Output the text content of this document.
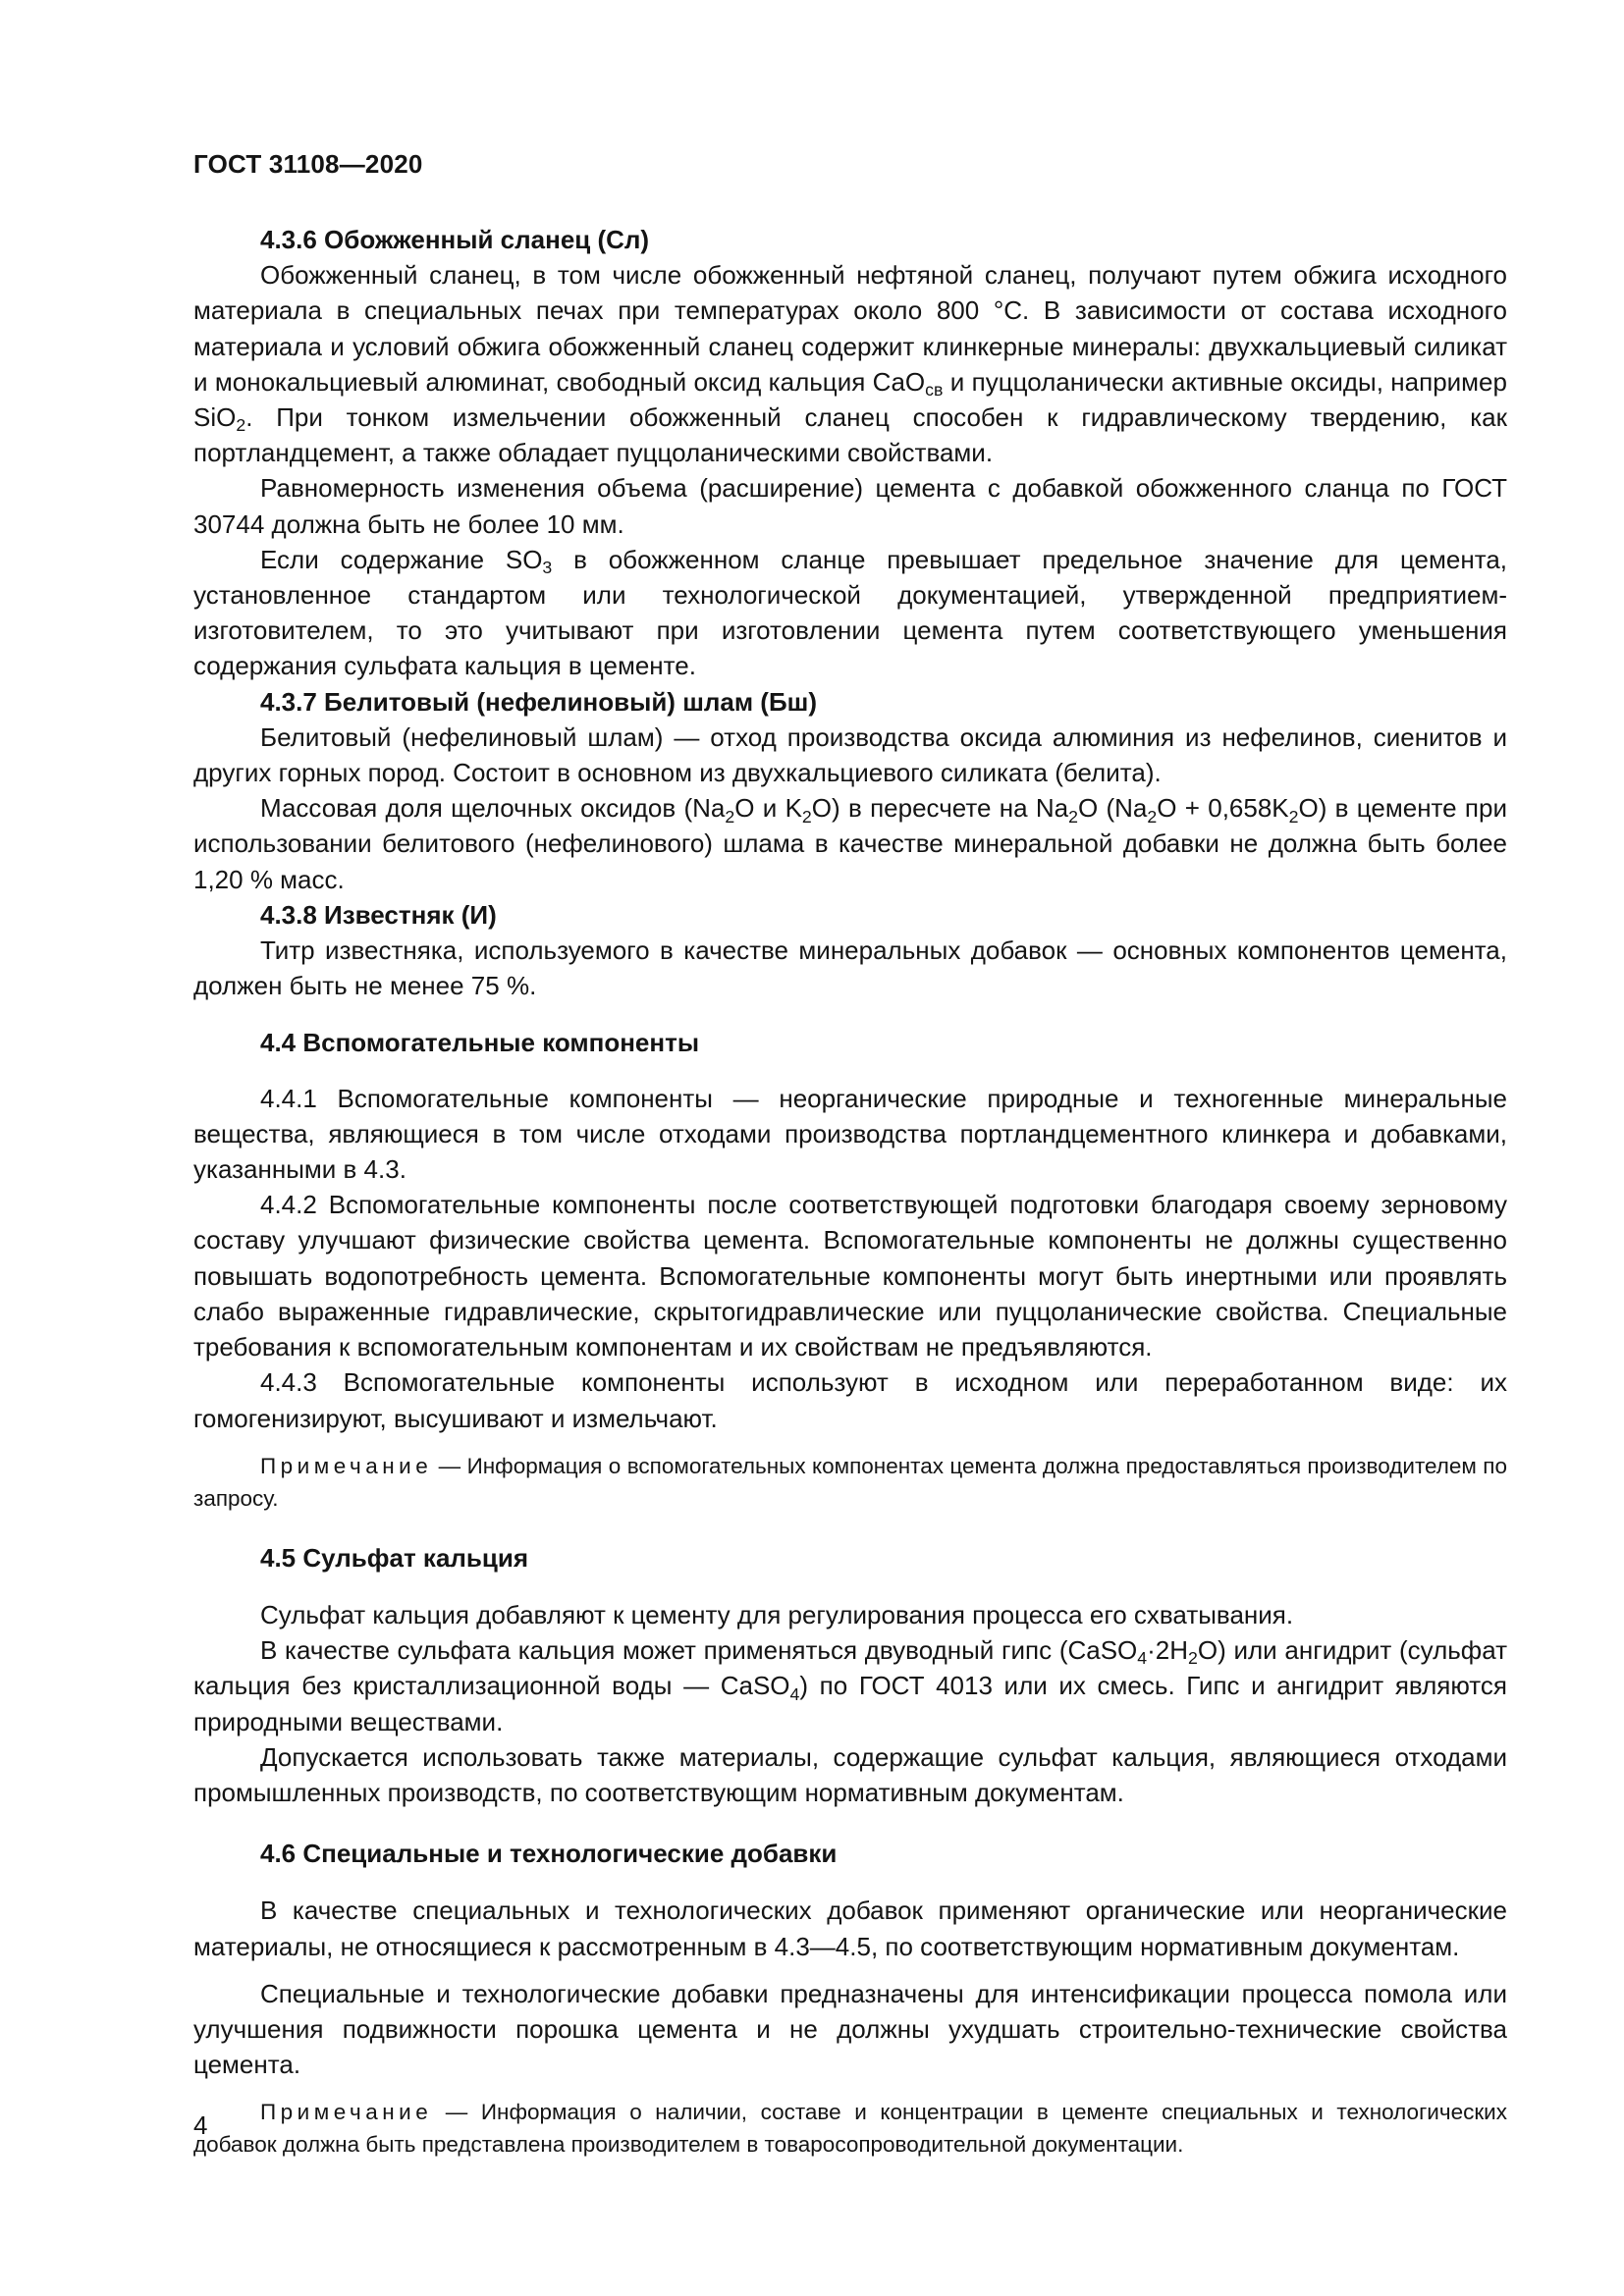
ГОСТ 31108—2020
4.3.6 Обожженный сланец (Сл)

Обожженный сланец, в том числе обожженный нефтяной сланец, получают путем обжига исходного материала в специальных печах при температурах около 800 °С. В зависимости от состава исходного материала и условий обжига обожженный сланец содержит клинкерные минералы: двухкальциевый силикат и монокальциевый алюминат, свободный оксид кальция CaO$_{св}$ и пуццоланически активные оксиды, например SiO$_2$. При тонком измельчении обожженный сланец способен к гидравлическому твердению, как портландцемент, а также обладает пуццоланическими свойствами.

Равномерность изменения объема (расширение) цемента с добавкой обожженного сланца по ГОСТ 30744 должна быть не более 10 мм.

Если содержание $SO_3$ в обожженном сланце превышает предельное значение для цемента, установленное стандартом или технологической документацией, утвержденной предприятием-изготовителем, то это учитывают при изготовлении цемента путем соответствующего уменьшения содержания сульфата кальция в цементе.

4.3.7 Белитовый (нефелиновый) шлам (Бш)

Белитовый (нефелиновый шлам) — отход производства оксида алюминия из нефелинов, сиенитов и других горных пород. Состоит в основном из двухкальциевого силиката (белита).

Массовая доля щелочных оксидов ($Na_2O$ и $K_2O$) в пересчете на $Na_2O$ $(Na_2O + 0,658K_2O)$ в цементе при использовании белитового (нефелинового) шлама в качестве минеральной добавки не должна быть более 1,20 % масс.

4.3.8 Известняк (И)

Титр известняка, используемого в качестве минеральных добавок — основных компонентов цемента, должен быть не менее 75 %.

4.4 Вспомогательные компоненты

4.4.1 Вспомогательные компоненты — неорганические природные и техногенные минеральные вещества, являющиеся в том числе отходами производства портландцементного клинкера и добавками, указанными в 4.3.

4.4.2 Вспомогательные компоненты после соответствующей подготовки благодаря своему зерновому составу улучшают физические свойства цемента. Вспомогательные компоненты не должны существенно повышать водопотребность цемента. Вспомогательные компоненты могут быть инертными или проявлять слабо выраженные гидравлические, скрытогидравлические или пуццоланические свойства. Специальные требования к вспомогательным компонентам и их свойствам не предъявляются.

4.4.3 Вспомогательные компоненты используют в исходном или переработанном виде: их гомогенизируют, высушивают и измельчают.

Примечание — Информация о вспомогательных компонентах цемента должна предоставляться производителем по запросу.

4.5 Сульфат кальция

Сульфат кальция добавляют к цементу для регулирования процесса его схватывания.

В качестве сульфата кальция может применяться двуводный гипс $(CaSO_4\cdot 2H_2O)$ или ангидрит (сульфат кальция без кристаллизационной воды — CaSO$_4$) по ГОСТ 4013 или их смесь. Гипс и ангидрит являются природными веществами.

Допускается использовать также материалы, содержащие сульфат кальция, являющиеся отходами промышленных производств, по соответствующим нормативным документам.

4.6 Специальные и технологические добавки

В качестве специальных и технологических добавок применяют органические или неорганические материалы, не относящиеся к рассмотренным в 4.3—4.5, по соответствующим нормативным документам.

Специальные и технологические добавки предназначены для интенсификации процесса помола или улучшения подвижности порошка цемента и не должны ухудшать строительно-технические свойства цемента.

Примечание — Информация о наличии, составе и концентрации в цементе специальных и технологических добавок должна быть представлена производителем в товаросопроводительной документации.

4
